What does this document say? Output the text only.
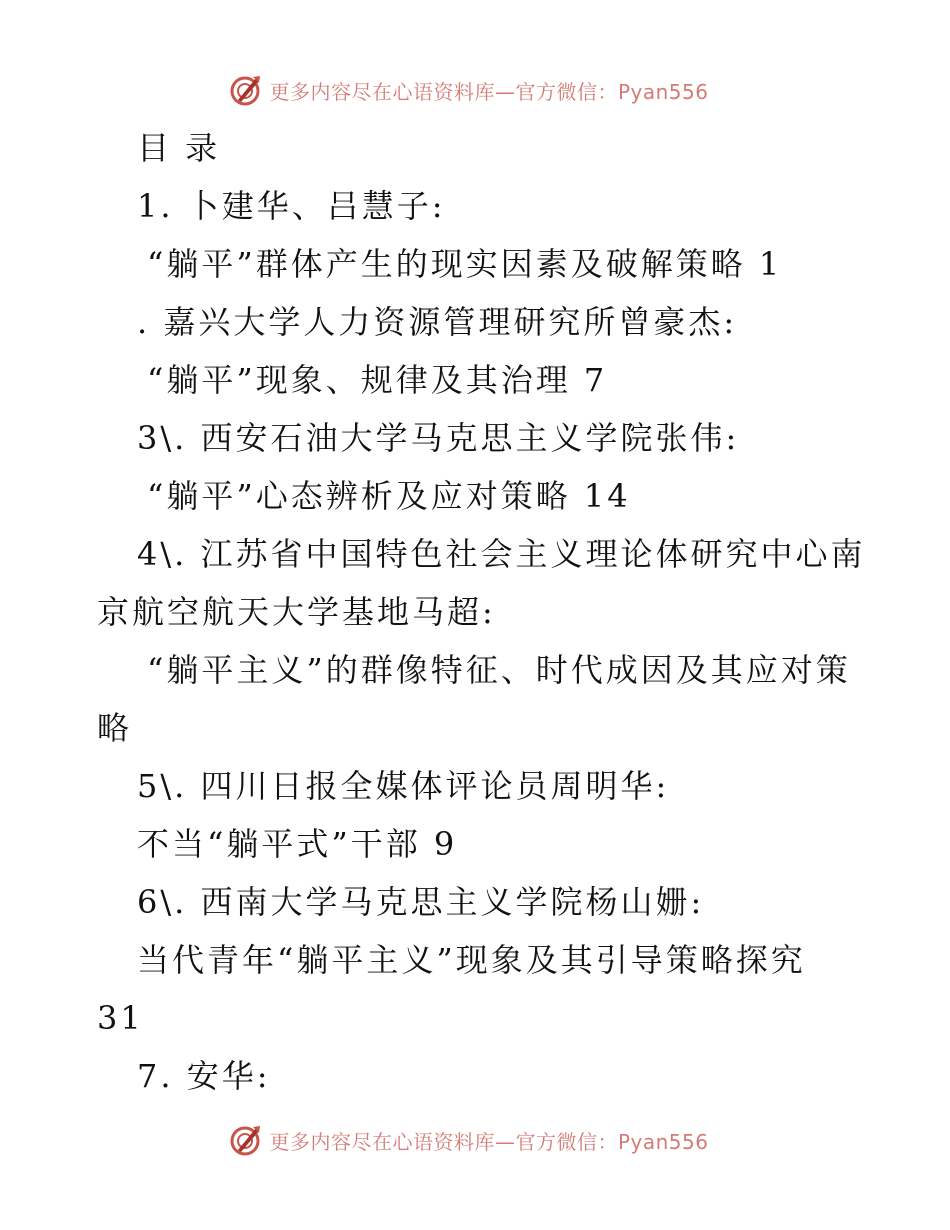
更多内容尽在心语资料库—官方微信：Pyan556
目 录
1. 卜建华、吕慧子:
“躺平”群体产生的现实因素及破解策略 1
. 嘉兴大学人力资源管理研究所曾豪杰:
“躺平”现象、规律及其治理 7
3\. 西安石油大学马克思主义学院张伟:
“躺平”心态辨析及应对策略 14
4\. 江苏省中国特色社会主义理论体研究中心南
京航空航天大学基地马超:
“躺平主义”的群像特征、时代成因及其应对策
略
5\. 四川日报全媒体评论员周明华:
不当“躺平式”干部 9
6\. 西南大学马克思主义学院杨山姗:
当代青年“躺平主义”现象及其引导策略探究
31
7. 安华:
更多内容尽在心语资料库—官方微信：Pyan556
